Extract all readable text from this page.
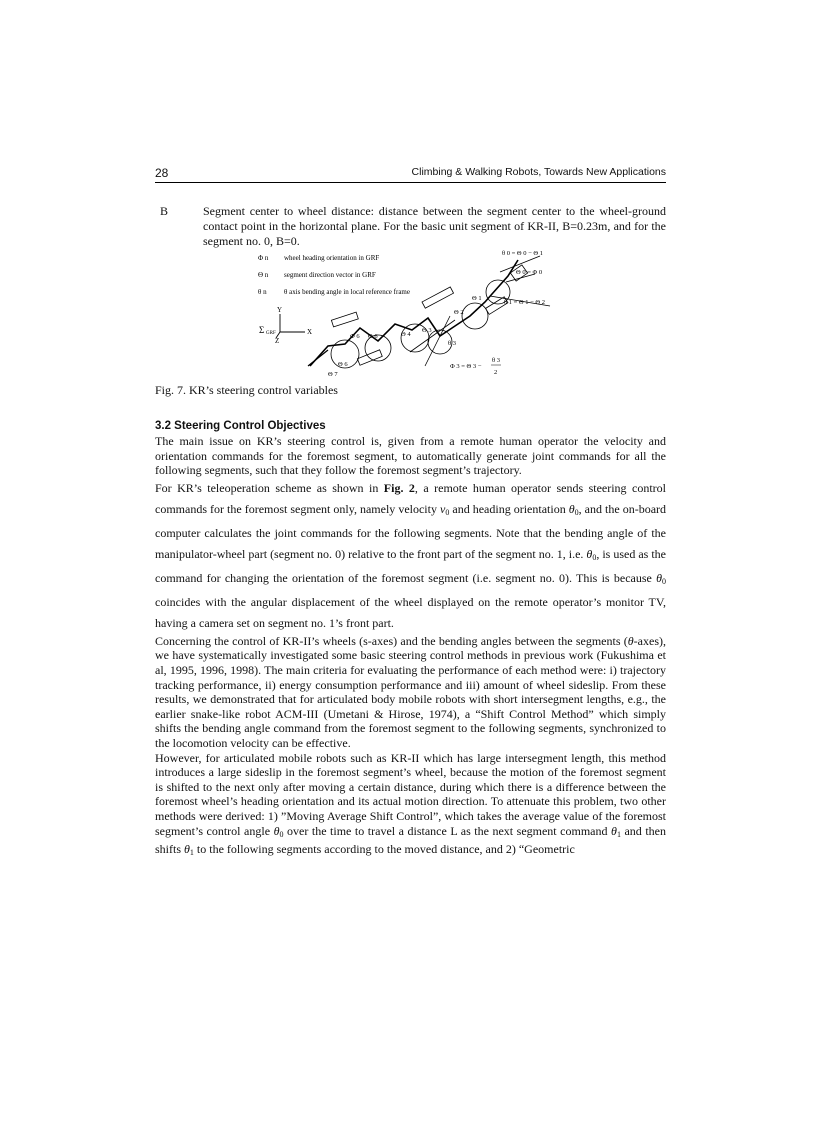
28	Climbing & Walking Robots, Towards New Applications
B	Segment center to wheel distance: distance between the segment center to the wheel-ground contact point in the horizontal plane. For the basic unit segment of KR-II, B=0.23m, and for the segment no. 0, B=0.
Φ n wheel heading orientation in GRF
Θ n segment direction vector in GRF
θ n θ axis bending angle in local reference frame
Y
X
Z
Σ GRF
θ 0 = Θ 0 − Θ 1
Θ 0 = Φ 0
θ 1 = Θ 1 − Θ 2
Φ 3 = Θ 3 −
θ 3
2
Θ 1
Θ 2
Θ 3
Θ 4
Φ 6 Θ 6
Θ 6
Θ 7
θ 3
Fig. 7. KR’s steering control variables
3.2 Steering Control Objectives

The main issue on KR’s steering control is, given from a remote human operator the velocity and orientation commands for the foremost segment, to automatically generate joint commands for all the following segments, such that they follow the foremost segment’s trajectory.

For KR’s teleoperation scheme as shown in Fig. 2, a remote human operator sends steering control commands for the foremost segment only, namely velocity $v_0$ and heading orientation $\theta_0$, and the on-board computer calculates the joint commands for the following segments. Note that the bending angle of the manipulator-wheel part (segment no. 0) relative to the front part of the segment no. 1, i.e. $\theta_0$, is used as the command for changing the orientation of the foremost segment (i.e. segment no. 0). This is because $\theta_0$ coincides with the angular displacement of the wheel displayed on the remote operator’s monitor TV, having a camera set on segment no. 1’s front part.

Concerning the control of KR-II’s wheels (s-axes) and the bending angles between the segments (θ-axes), we have systematically investigated some basic steering control methods in previous work (Fukushima et al, 1995, 1996, 1998). The main criteria for evaluating the performance of each method were: i) trajectory tracking performance, ii) energy consumption performance and iii) amount of wheel sideslip. From these results, we demonstrated that for articulated body mobile robots with short intersegment lengths, e.g., the earlier snake-like robot ACM-III (Umetani & Hirose, 1974), a “Shift Control Method” which simply shifts the bending angle command from the foremost segment to the following segments, synchronized to the locomotion velocity can be effective.

However, for articulated mobile robots such as KR-II which has large intersegment length, this method introduces a large sideslip in the foremost segment’s wheel, because the motion of the foremost segment is shifted to the next only after moving a certain distance, during which there is a difference between the foremost wheel’s heading orientation and its actual motion direction. To attenuate this problem, two other methods were derived: 1) ”Moving Average Shift Control”, which takes the average value of the foremost segment’s control angle $\theta_0$ over the time to travel a distance L as the next segment command $\theta_1$ and then shifts $\theta_1$ to the following segments according to the moved distance, and 2) “Geometric
